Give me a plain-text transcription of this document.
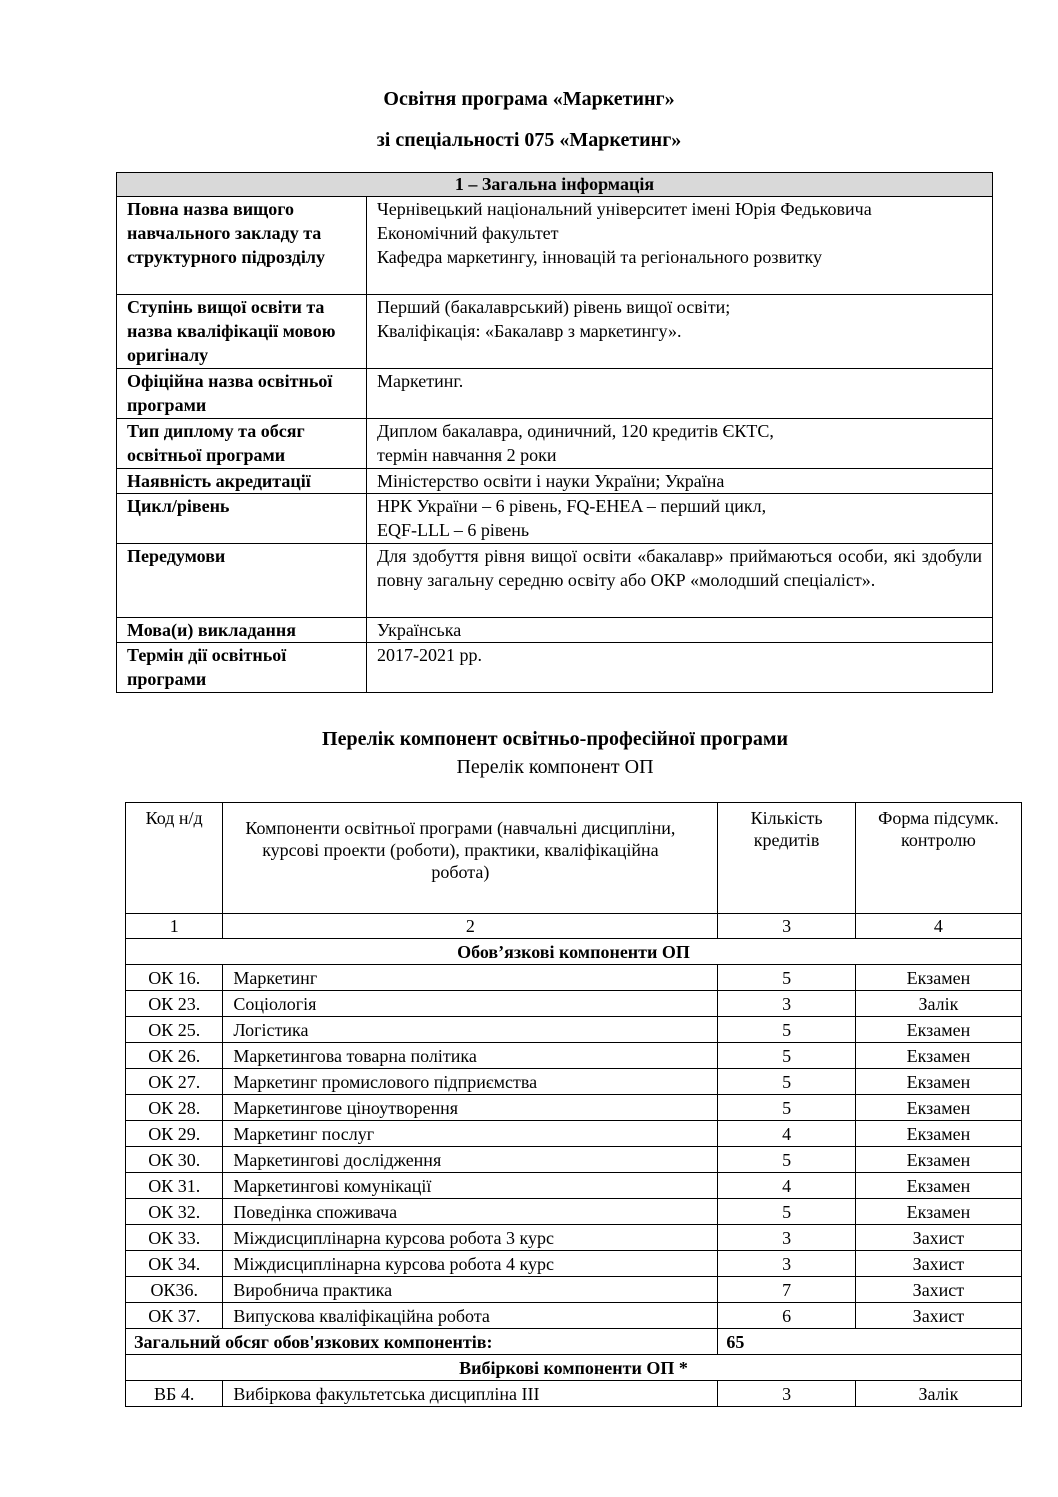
Освітня програма «Маркетинг»
зі спеціальності 075 «Маркетинг»
1 – Загальна інформація	
Повна назва вищого навчального закладу та структурного підрозділу	Чернівецький національний університет імені Юрія Федьковича
Економічний факультет
Кафедра маркетингу, інновацій та регіонального розвитку

Ступінь вищої освіти та назва кваліфікації мовою оригіналу	Перший (бакалаврський) рівень вищої освіти;
Кваліфікація: «Бакалавр з маркетингу».

Офіційна назва освітньої програми	Маркетинг.

Тип диплому та обсяг освітньої програми	Диплом бакалавра, одиничний, 120 кредитів ЄКТС,
термін навчання 2 роки

Наявність акредитації	Міністерство освіти і науки України; Україна

Цикл/рівень	НРК України – 6 рівень, FQ-EHEA – перший цикл,
EQF-LLL – 6 рівень

Передумови	Для здобуття рівня вищої освіти «бакалавр» приймаються особи, які здобули повну загальну середню освіту або ОКР «молодший спеціаліст».

Мова(и) викладання	Українська

Термін дії освітньої програми	2017-2021 рр.
Перелік компонент освітньо-професійної програми
Перелік компонент ОП
Код н/д	Компоненти освітньої програми (навчальні дисципліни, курсові проекти (роботи), практики, кваліфікаційна робота)	Кількість кредитів	Форма підсумк. контролю
1	2	3	4
Обов’язкові компоненти ОП			
ОК 16.	Маркетинг	5	Екзамен
ОК 23.	Соціологія	3	Залік
ОК 25.	Логістика	5	Екзамен
ОК 26.	Маркетингова товарна політика	5	Екзамен
ОК 27.	Маркетинг промислового підприємства	5	Екзамен
ОК 28.	Маркетингове ціноутворення	5	Екзамен
ОК 29.	Маркетинг послуг	4	Екзамен
ОК 30.	Маркетингові дослідження	5	Екзамен
ОК 31.	Маркетингові комунікації	4	Екзамен
ОК 32.	Поведінка споживача	5	Екзамен
ОК 33.	Міждисциплінарна курсова робота 3 курс	3	Захист
ОК 34.	Міждисциплінарна курсова робота 4 курс	3	Захист
ОК36.	Виробнича практика	7	Захист
ОК 37.	Випускова кваліфікаційна робота	6	Захист
Загальний обсяг обов'язкових компонентів:		65	
Вибіркові компоненти ОП *			
ВБ 4.	Вибіркова факультетська дисципліна ІІІ	3	Залік
